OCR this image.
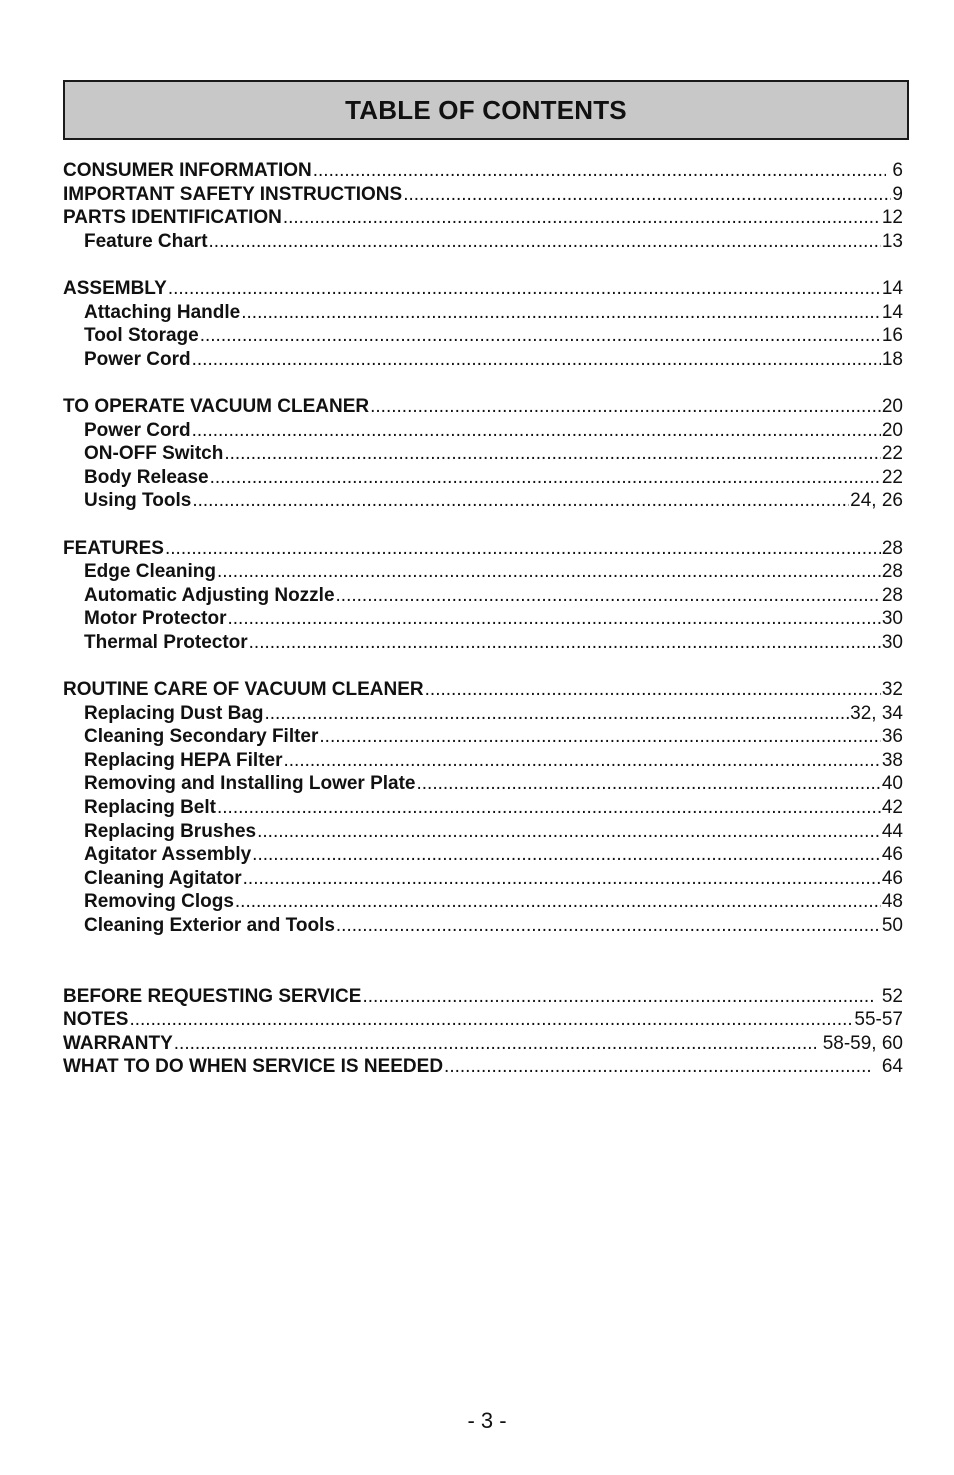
TABLE OF CONTENTS
CONSUMER INFORMATION .....	6
IMPORTANT SAFETY INSTRUCTIONS .....	9
PARTS IDENTIFICATION .....	12
Feature Chart .....	13
ASSEMBLY .....	14
Attaching Handle .....	14
Tool Storage .....	16
Power Cord .....	18
TO OPERATE VACUUM CLEANER .....	20
Power Cord .....	20
ON-OFF Switch .....	22
Body Release .....	22
Using Tools .....	24, 26
FEATURES .....	28
Edge Cleaning .....	28
Automatic Adjusting Nozzle .....	28
Motor Protector .....	30
Thermal Protector .....	30
ROUTINE CARE OF VACUUM CLEANER .....	32
Replacing Dust Bag .....	32, 34
Cleaning Secondary Filter .....	36
Replacing HEPA Filter .....	38
Removing and Installing Lower Plate .....	40
Replacing Belt .....	42
Replacing Brushes .....	44
Agitator Assembly .....	46
Cleaning Agitator .....	46
Removing Clogs .....	48
Cleaning Exterior and Tools .....	50
BEFORE REQUESTING SERVICE .....	52
NOTES .....	55-57
WARRANTY .....	58-59, 60
WHAT TO DO WHEN SERVICE IS NEEDED .....	64
- 3 -
